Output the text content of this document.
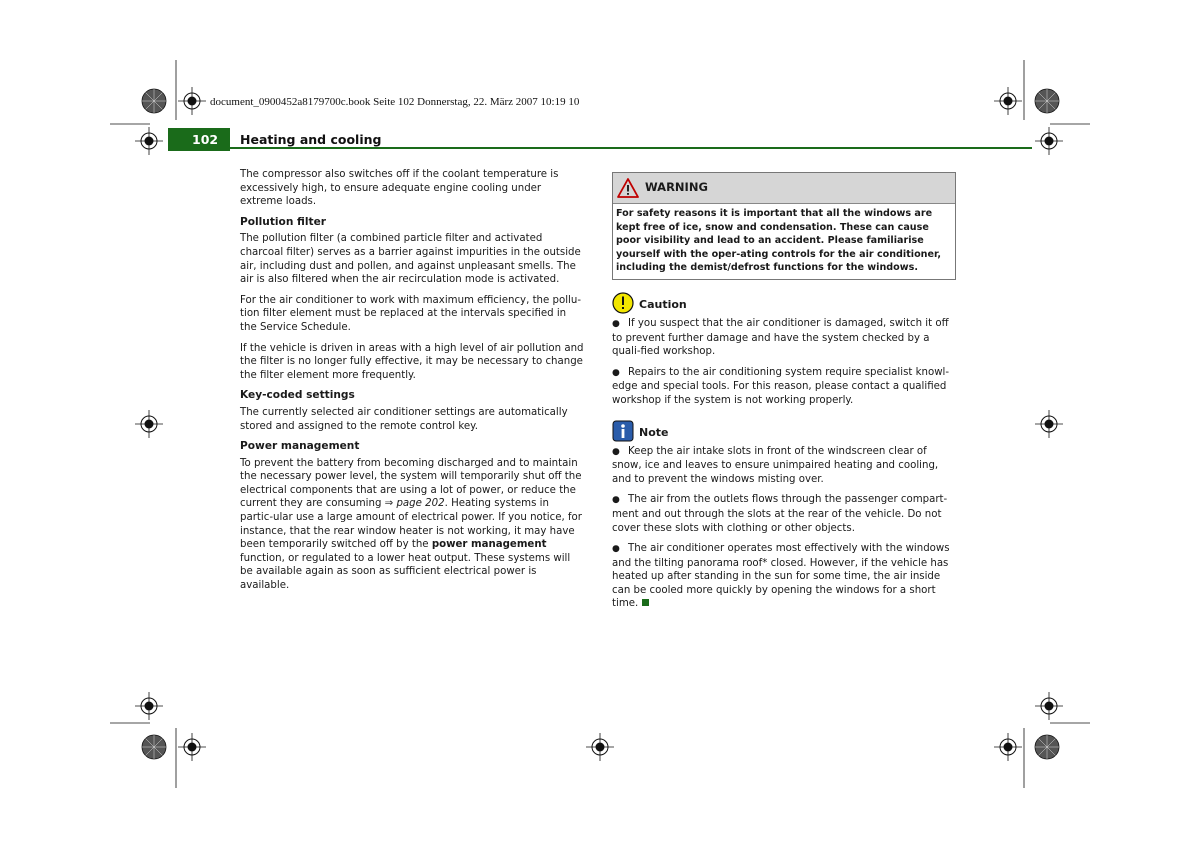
document_0900452a8179700c.book Seite 102 Donnerstag, 22. März 2007 10:19 10
102 Heating and cooling

The compressor also switches off if the coolant temperature is excessively high, to ensure adequate engine cooling under extreme loads.

Pollution filter

The pollution filter (a combined particle filter and activated charcoal filter) serves as a barrier against impurities in the outside air, including dust and pollen, and against unpleasant smells. The air is also filtered when the air recirculation mode is activated.

For the air conditioner to work with maximum efficiency, the pollu-tion filter element must be replaced at the intervals specified in the Service Schedule.

If the vehicle is driven in areas with a high level of air pollution and the filter is no longer fully effective, it may be necessary to change the filter element more frequently.

Key-coded settings

The currently selected air conditioner settings are automatically stored and assigned to the remote control key.

Power management

To prevent the battery from becoming discharged and to maintain the necessary power level, the system will temporarily shut off the electrical components that are using a lot of power, or reduce the current they are consuming ⇒ page 202. Heating systems in partic-ular use a large amount of electrical power. If you notice, for instance, that the rear window heater is not working, it may have been temporarily switched off by the power management function, or regulated to a lower heat output. These systems will be available again as soon as sufficient electrical power is available.

WARNING
For safety reasons it is important that all the windows are kept free of ice, snow and condensation. These can cause poor visibility and lead to an accident. Please familiarise yourself with the oper-ating controls for the air conditioner, including the demist/defrost functions for the windows.
Caution

● If you suspect that the air conditioner is damaged, switch it off to prevent further damage and have the system checked by a quali-fied workshop.

● Repairs to the air conditioning system require specialist knowl-edge and special tools. For this reason, please contact a qualified workshop if the system is not working properly.

Note

● Keep the air intake slots in front of the windscreen clear of snow, ice and leaves to ensure unimpaired heating and cooling, and to prevent the windows misting over.

● The air from the outlets flows through the passenger compart-ment and out through the slots at the rear of the vehicle. Do not cover these slots with clothing or other objects.

● The air conditioner operates most effectively with the windows and the tilting panorama roof* closed. However, if the vehicle has heated up after standing in the sun for some time, the air inside can be cooled more quickly by opening the windows for a short time.
